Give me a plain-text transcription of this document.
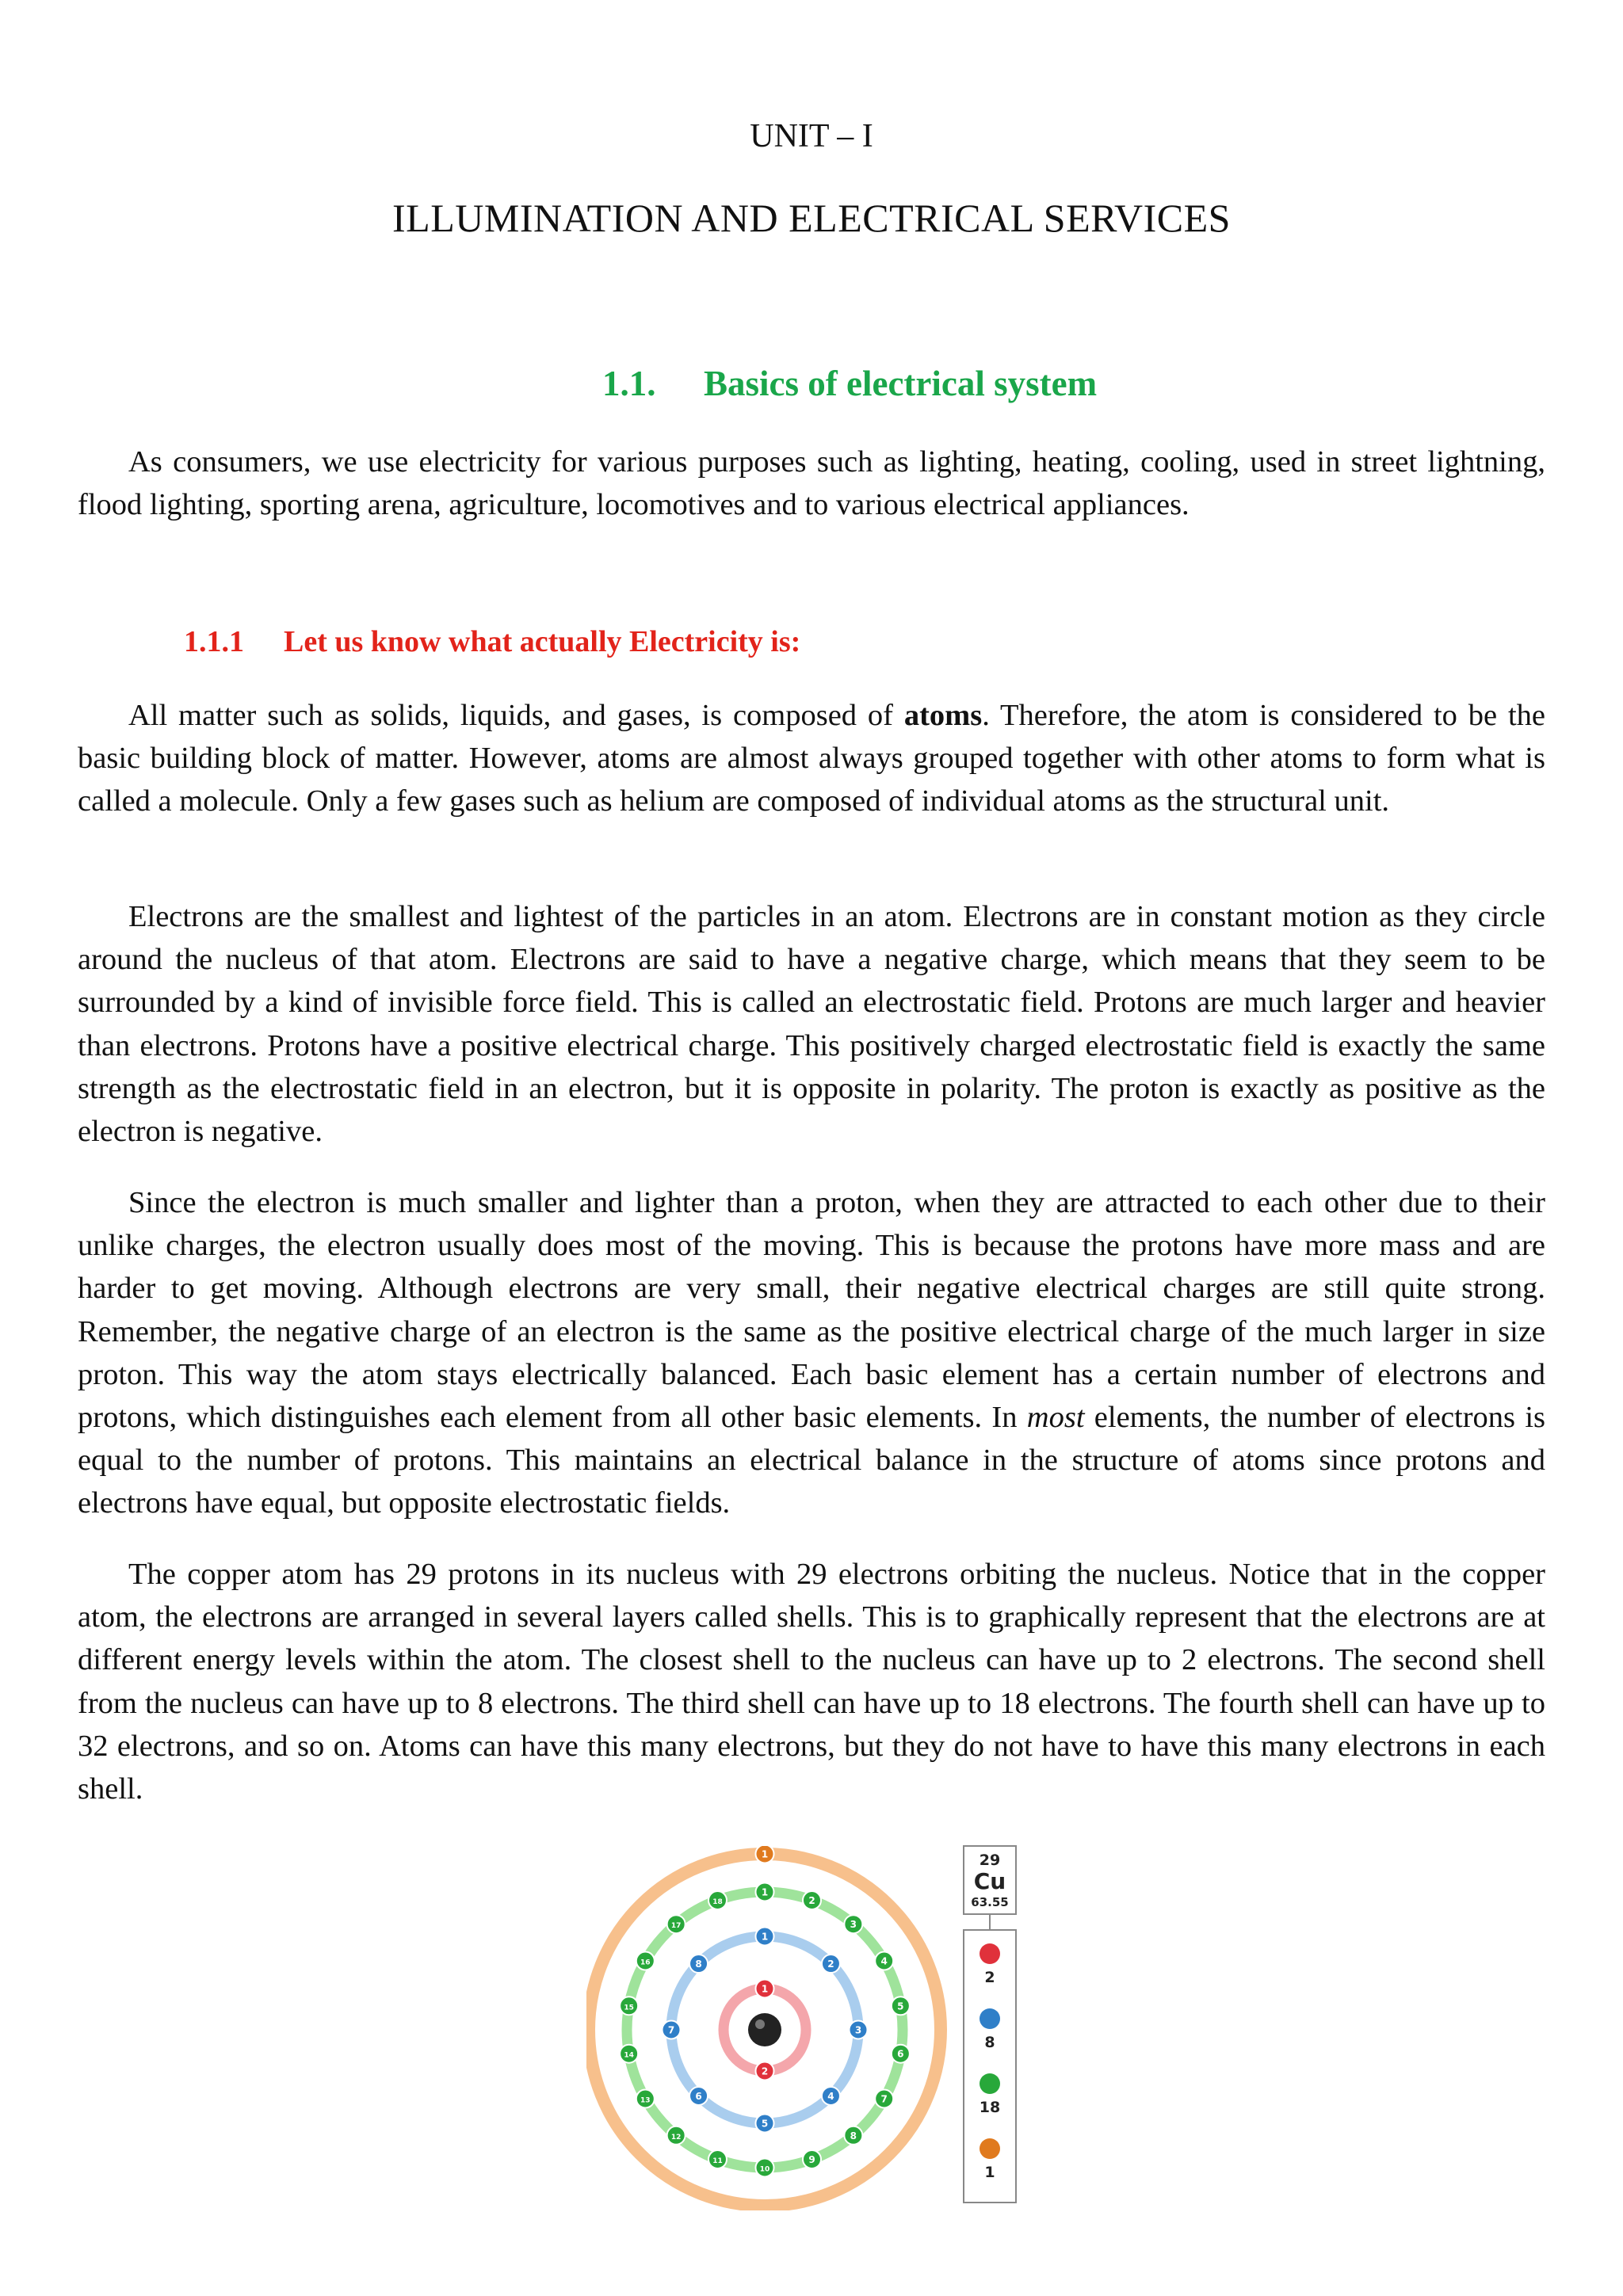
UNIT – I
ILLUMINATION AND ELECTRICAL SERVICES
1.1. Basics of electrical system

As consumers, we use electricity for various purposes such as lighting, heating, cooling, used in street lightning, flood lighting, sporting arena, agriculture, locomotives and to various electrical appliances.

1.1.1 Let us know what actually Electricity is:

All matter such as solids, liquids, and gases, is composed of atoms. Therefore, the atom is considered to be the basic building block of matter. However, atoms are almost always grouped together with other atoms to form what is called a molecule. Only a few gases such as helium are composed of individual atoms as the structural unit.

Electrons are the smallest and lightest of the particles in an atom. Electrons are in constant motion as they circle around the nucleus of that atom. Electrons are said to have a negative charge, which means that they seem to be surrounded by a kind of invisible force field. This is called an electrostatic field. Protons are much larger and heavier than electrons. Protons have a positive electrical charge. This positively charged electrostatic field is exactly the same strength as the electrostatic field in an electron, but it is opposite in polarity. The proton is exactly as positive as the electron is negative.

Since the electron is much smaller and lighter than a proton, when they are attracted to each other due to their unlike charges, the electron usually does most of the moving. This is because the protons have more mass and are harder to get moving. Although electrons are very small, their negative electrical charges are still quite strong. Remember, the negative charge of an electron is the same as the positive electrical charge of the much larger in size proton. This way the atom stays electrically balanced. Each basic element has a certain number of electrons and protons, which distinguishes each element from all other basic elements. In most elements, the number of electrons is equal to the number of protons. This maintains an electrical balance in the structure of atoms since protons and electrons have equal, but opposite electrostatic fields.

The copper atom has 29 protons in its nucleus with 29 electrons orbiting the nucleus. Notice that in the copper atom, the electrons are arranged in several layers called shells. This is to graphically represent that the electrons are at different energy levels within the atom. The closest shell to the nucleus can have up to 2 electrons. The second shell from the nucleus can have up to 8 electrons. The third shell can have up to 18 electrons. The fourth shell can have up to 32 electrons, and so on. Atoms can have this many electrons, but they do not have to have this many electrons in each shell.

1
2
1
2
3
4
5
6
7
8
1
2
3
4
5
6
7
8
9
10
11
12
13
14
15
16
17
18
1	29
Cu
63.55
2
8
18
1
